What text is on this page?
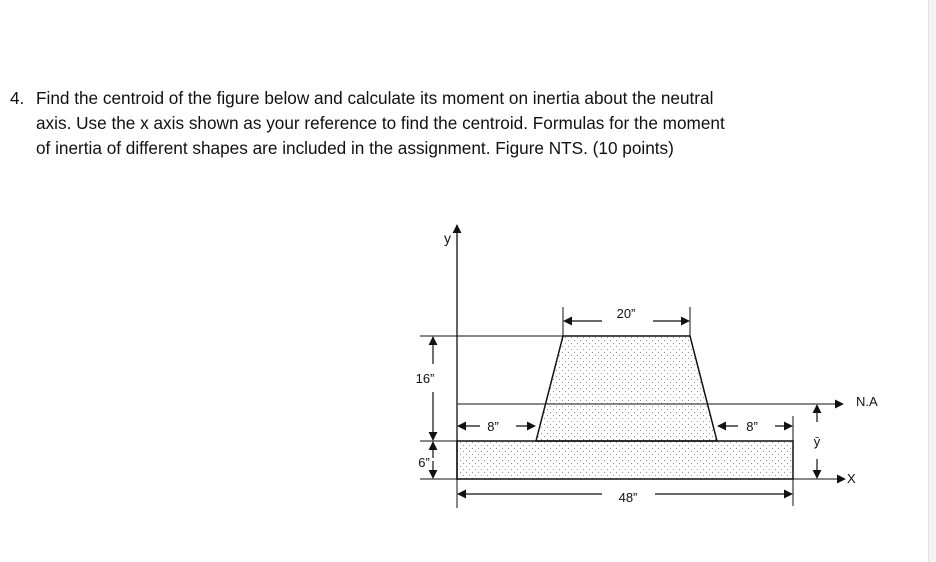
4. Find the centroid of the figure below and calculate its moment on inertia about the neutral
axis. Use the x axis shown as your reference to find the centroid. Formulas for the moment
of inertia of different shapes are included in the assignment. Figure NTS. (10 points)
y
20”
16”
6”
8”	8”
48”
N.A
X
ȳ
